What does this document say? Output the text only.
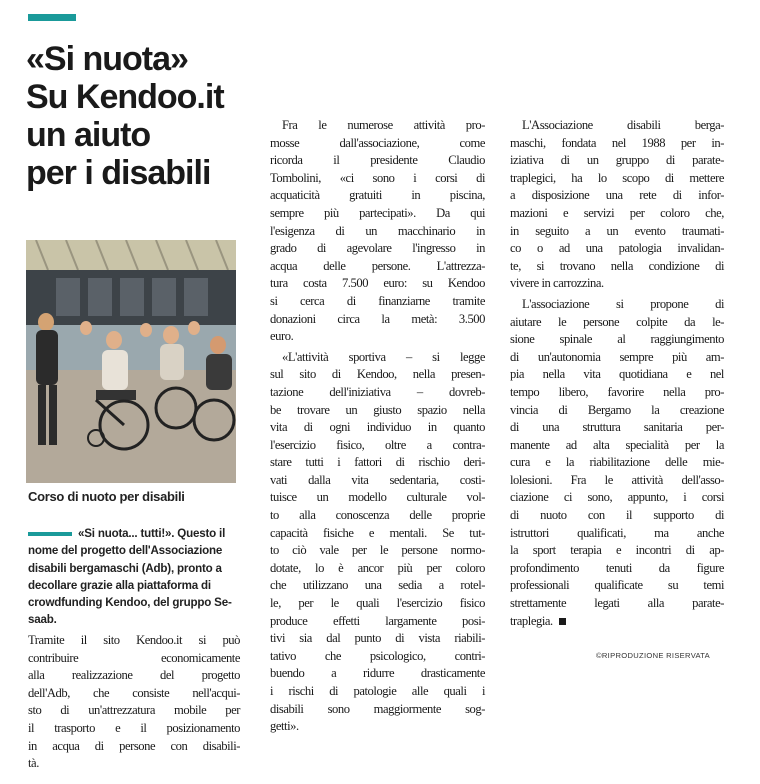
«Si nuota»
Su Kendoo.it
un aiuto
per i disabili
Corso di nuoto per disabili
«Si nuota... tutti!». Questo il
nome del progetto dell'Associazione
disabili bergamaschi (Adb), pronto a
decollare grazie alla piattaforma di
crowdfunding Kendoo, del gruppo Se-
saab.
Tramite il sito Kendoo.it si può
contribuire economicamente
alla realizzazione del progetto
dell'Adb, che consiste nell'acqui-
sto di un'attrezzatura mobile per
il trasporto e il posizionamento
in acqua di persone con disabili-
tà.
Fra le numerose attività pro-
mosse dall'associazione, come
ricorda il presidente Claudio
Tombolini, «ci sono i corsi di
acquaticità gratuiti in piscina,
sempre più partecipati». Da qui
l'esigenza di un macchinario in
grado di agevolare l'ingresso in
acqua delle persone. L'attrezza-
tura costa 7.500 euro: su Kendoo
si cerca di finanziarne tramite
donazioni circa la metà: 3.500
euro.
«L'attività sportiva – si legge
sul sito di Kendoo, nella presen-
tazione dell'iniziativa – dovreb-
be trovare un giusto spazio nella
vita di ogni individuo in quanto
l'esercizio fisico, oltre a contra-
stare tutti i fattori di rischio deri-
vati dalla vita sedentaria, costi-
tuisce un modello culturale vol-
to alla conoscenza delle proprie
capacità fisiche e mentali. Se tut-
to ciò vale per le persone normo-
dotate, lo è ancor più per coloro
che utilizzano una sedia a rotel-
le, per le quali l'esercizio fisico
produce effetti largamente posi-
tivi sia dal punto di vista riabili-
tativo che psicologico, contri-
buendo a ridurre drasticamente
i rischi di patologie alle quali i
disabili sono maggiormente sog-
getti».
L'Associazione disabili berga-
maschi, fondata nel 1988 per in-
iziativa di un gruppo di parate-
traplegici, ha lo scopo di mettere
a disposizione una rete di infor-
mazioni e servizi per coloro che,
in seguito a un evento traumati-
co o ad una patologia invalidan-
te, si trovano nella condizione di
vivere in carrozzina.
L'associazione si propone di
aiutare le persone colpite da le-
sione spinale al raggiungimento
di un'autonomia sempre più am-
pia nella vita quotidiana e nel
tempo libero, favorire nella pro-
vincia di Bergamo la creazione
di una struttura sanitaria per-
manente ad alta specialità per la
cura e la riabilitazione delle mie-
lolesioni. Fra le attività dell'asso-
ciazione ci sono, appunto, i corsi
di nuoto con il supporto di
istruttori qualificati, ma anche
la sport terapia e incontri di ap-
profondimento tenuti da figure
professionali qualificate su temi
strettamente legati alla parate-
traplegia.
©RIPRODUZIONE RISERVATA
